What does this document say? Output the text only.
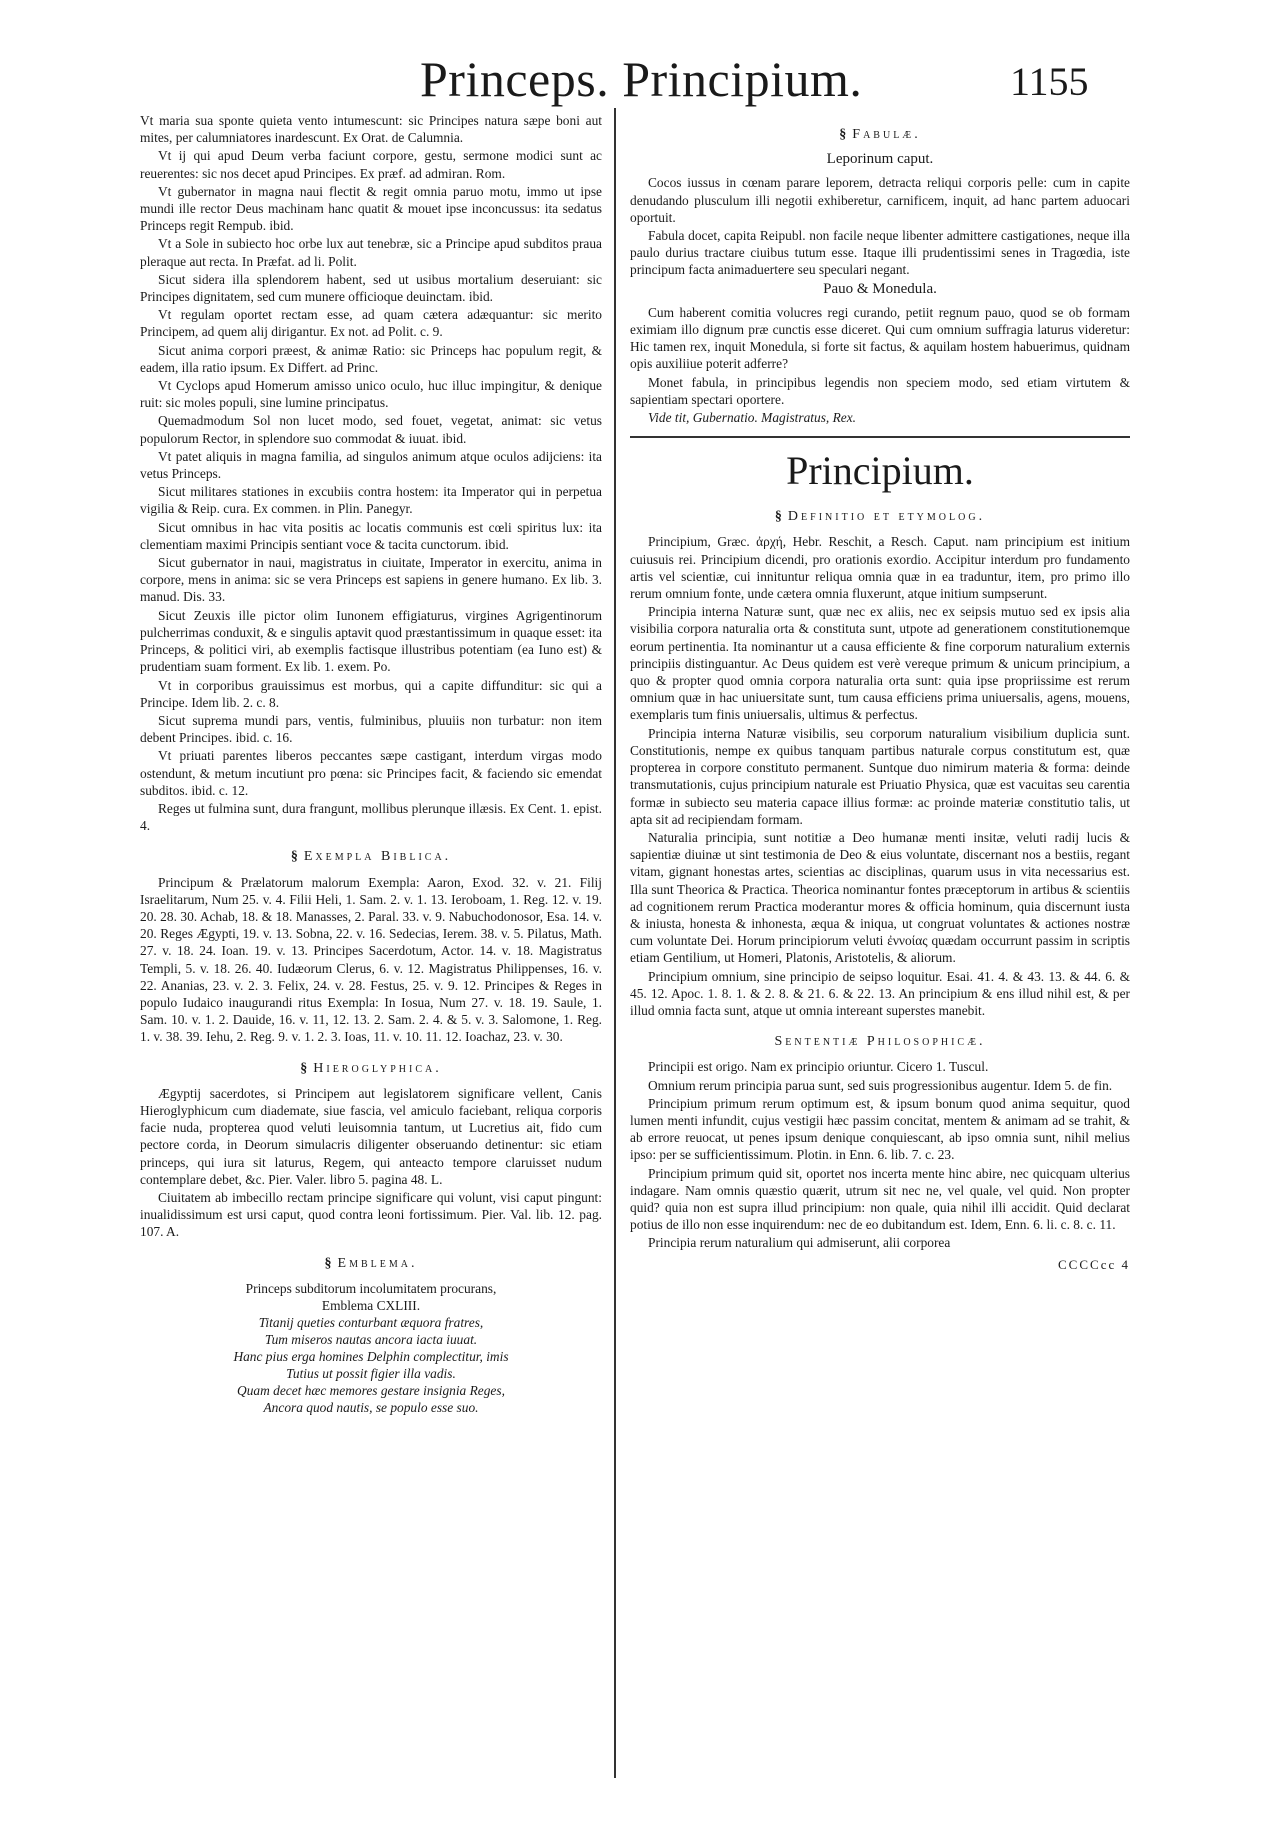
Princeps. Principium.	1155

Vt maria sua sponte quieta vento intumescunt: sic Principes natura sæpe boni aut mites, per calumniatores inardescunt. Ex Orat. de Calumnia.

Vt ij qui apud Deum verba faciunt corpore, gestu, sermone modici sunt ac reuerentes: sic nos decet apud Principes. Ex præf. ad admiran. Rom.

Vt gubernator in magna naui flectit & regit omnia paruo motu, immo ut ipse mundi ille rector Deus machinam hanc quatit & mouet ipse inconcussus: ita sedatus Princeps regit Rempub. ibid.

Vt a Sole in subiecto hoc orbe lux aut tenebræ, sic a Principe apud subditos praua pleraque aut recta. In Præfat. ad li. Polit.

Sicut sidera illa splendorem habent, sed ut usibus mortalium deseruiant: sic Principes dignitatem, sed cum munere officioque deuinctam. ibid.

Vt regulam oportet rectam esse, ad quam cætera adæquantur: sic merito Principem, ad quem alij dirigantur. Ex not. ad Polit. c. 9.

Sicut anima corpori præest, & animæ Ratio: sic Princeps hac populum regit, & eadem, illa ratio ipsum. Ex Differt. ad Princ.

Vt Cyclops apud Homerum amisso unico oculo, huc illuc impingitur, & denique ruit: sic moles populi, sine lumine principatus.

Quemadmodum Sol non lucet modo, sed fouet, vegetat, animat: sic vetus populorum Rector, in splendore suo commodat & iuuat. ibid.

Vt patet aliquis in magna familia, ad singulos animum atque oculos adijciens: ita vetus Princeps.

Sicut militares stationes in excubiis contra hostem: ita Imperator qui in perpetua vigilia & Reip. cura. Ex commen. in Plin. Panegyr.

Sicut omnibus in hac vita positis ac locatis communis est cœli spiritus lux: ita clementiam maximi Principis sentiant voce & tacita cunctorum. ibid.

Sicut gubernator in naui, magistratus in ciuitate, Imperator in exercitu, anima in corpore, mens in anima: sic se vera Princeps est sapiens in genere humano. Ex lib. 3. manud. Dis. 33.

Sicut Zeuxis ille pictor olim Iunonem effigiaturus, virgines Agrigentinorum pulcherrimas conduxit, & e singulis aptavit quod præstantissimum in quaque esset: ita Princeps, & politici viri, ab exemplis factisque illustribus potentiam (ea Iuno est) & prudentiam suam forment. Ex lib. 1. exem. Po.

Vt in corporibus grauissimus est morbus, qui a capite diffunditur: sic qui a Principe. Idem lib. 2. c. 8.

Sicut suprema mundi pars, ventis, fulminibus, pluuiis non turbatur: non item debent Principes. ibid. c. 16.

Vt priuati parentes liberos peccantes sæpe castigant, interdum virgas modo ostendunt, & metum incutiunt pro pœna: sic Principes facit, & faciendo sic emendat subditos. ibid. c. 12.

Reges ut fulmina sunt, dura frangunt, mollibus plerunque illæsis. Ex Cent. 1. epist. 4.

§ Exempla Biblica.

Principum & Prælatorum malorum Exempla: Aaron, Exod. 32. v. 21. Filij Israelitarum, Num 25. v. 4. Filii Heli, 1. Sam. 2. v. 1. 13. Ieroboam, 1. Reg. 12. v. 19. 20. 28. 30. Achab, 18. & 18. Manasses, 2. Paral. 33. v. 9. Nabuchodonosor, Esa. 14. v. 20. Reges Ægypti, 19. v. 13. Sobna, 22. v. 16. Sedecias, Ierem. 38. v. 5. Pilatus, Math. 27. v. 18. 24. Ioan. 19. v. 13. Principes Sacerdotum, Actor. 14. v. 18. Magistratus Templi, 5. v. 18. 26. 40. Iudæorum Clerus, 6. v. 12. Magistratus Philippenses, 16. v. 22. Ananias, 23. v. 2. 3. Felix, 24. v. 28. Festus, 25. v. 9. 12. Principes & Reges in populo Iudaico inaugurandi ritus Exempla: In Iosua, Num 27. v. 18. 19. Saule, 1. Sam. 10. v. 1. 2. Dauide, 16. v. 11, 12. 13. 2. Sam. 2. 4. & 5. v. 3. Salomone, 1. Reg. 1. v. 38. 39. Iehu, 2. Reg. 9. v. 1. 2. 3. Ioas, 11. v. 10. 11. 12. Ioachaz, 23. v. 30.

§ Hieroglyphica.

Ægyptij sacerdotes, si Principem aut legislatorem significare vellent, Canis Hieroglyphicum cum diademate, siue fascia, vel amiculo faciebant, reliqua corporis facie nuda, propterea quod veluti leuisomnia tantum, ut Lucretius ait, fido cum pectore corda, in Deorum simulacris diligenter obseruando detinentur: sic etiam princeps, qui iura sit laturus, Regem, qui anteacto tempore claruisset nudum contemplare debet, &c. Pier. Valer. libro 5. pagina 48. L.

Ciuitatem ab imbecillo rectam principe significare qui volunt, visi caput pingunt: inualidissimum est ursi caput, quod contra leoni fortissimum. Pier. Val. lib. 12. pag. 107. A.

§ Emblema.
Princeps subditorum incolumitatem procurans,
Emblema CXLIII.
Titanij queties conturbant æquora fratres,
Tum miseros nautas ancora iacta iuuat.
Hanc pius erga homines Delphin complectitur, imis
Tutius ut possit figier illa vadis.
Quam decet hæc memores gestare insignia Reges,
Ancora quod nautis, se populo esse suo.
§ Fabulæ.
Leporinum caput.

Cocos iussus in cœnam parare leporem, detracta reliqui corporis pelle: cum in capite denudando plusculum illi negotii exhiberetur, carnificem, inquit, ad hanc partem aduocari oportuit.

Fabula docet, capita Reipubl. non facile neque libenter admittere castigationes, neque illa paulo durius tractare ciuibus tutum esse. Itaque illi prudentissimi senes in Tragœdia, iste principum facta animaduertere seu speculari negant.

Pauo & Monedula.

Cum haberent comitia volucres regi curando, petiit regnum pauo, quod se ob formam eximiam illo dignum præ cunctis esse diceret. Qui cum omnium suffragia laturus videretur: Hic tamen rex, inquit Monedula, si forte sit factus, & aquilam hostem habuerimus, quidnam opis auxiliiue poterit adferre?

Monet fabula, in principibus legendis non speciem modo, sed etiam virtutem & sapientiam spectari oportere.

Vide tit, Gubernatio. Magistratus, Rex.

Principium.
§ Definitio et etymolog.

Principium, Græc. ἀρχή, Hebr. Reschit, a Resch. Caput. nam principium est initium cuiusuis rei. Principium dicendi, pro orationis exordio. Accipitur interdum pro fundamento artis vel scientiæ, cui innituntur reliqua omnia quæ in ea traduntur, item, pro primo illo rerum omnium fonte, unde cætera omnia fluxerunt, atque initium sumpserunt.

Principia interna Naturæ sunt, quæ nec ex aliis, nec ex seipsis mutuo sed ex ipsis alia visibilia corpora naturalia orta & constituta sunt, utpote ad generationem constitutionemque eorum pertinentia. Ita nominantur ut a causa efficiente & fine corporum naturalium externis principiis distinguantur. Ac Deus quidem est verè vereque primum & unicum principium, a quo & propter quod omnia corpora naturalia orta sunt: quia ipse propriissime est rerum omnium quæ in hac uniuersitate sunt, tum causa efficiens prima uniuersalis, agens, mouens, exemplaris tum finis uniuersalis, ultimus & perfectus.

Principia interna Naturæ visibilis, seu corporum naturalium visibilium duplicia sunt. Constitutionis, nempe ex quibus tanquam partibus naturale corpus constitutum est, quæ propterea in corpore constituto permanent. Suntque duo nimirum materia & forma: deinde transmutationis, cujus principium naturale est Priuatio Physica, quæ est vacuitas seu carentia formæ in subiecto seu materia capace illius formæ: ac proinde materiæ constitutio talis, ut apta sit ad recipiendam formam.

Naturalia principia, sunt notitiæ a Deo humanæ menti insitæ, veluti radij lucis & sapientiæ diuinæ ut sint testimonia de Deo & eius voluntate, discernant nos a bestiis, regant vitam, gignant honestas artes, scientias ac disciplinas, quarum usus in vita necessarius est. Illa sunt Theorica & Practica. Theorica nominantur fontes præceptorum in artibus & scientiis ad cognitionem rerum Practica moderantur mores & officia hominum, quia discernunt iusta & iniusta, honesta & inhonesta, æqua & iniqua, ut congruat voluntates & actiones nostræ cum voluntate Dei. Horum principiorum veluti ἐννοίας quædam occurrunt passim in scriptis etiam Gentilium, ut Homeri, Platonis, Aristotelis, & aliorum.

Principium omnium, sine principio de seipso loquitur. Esai. 41. 4. & 43. 13. & 44. 6. & 45. 12. Apoc. 1. 8. 1. & 2. 8. & 21. 6. & 22. 13. An principium & ens illud nihil est, & per illud omnia facta sunt, atque ut omnia intereant superstes manebit.

Sententiæ Philosophicæ.

Principii est origo. Nam ex principio oriuntur. Cicero 1. Tuscul.

Omnium rerum principia parua sunt, sed suis progressionibus augentur. Idem 5. de fin.

Principium primum rerum optimum est, & ipsum bonum quod anima sequitur, quod lumen menti infundit, cujus vestigii hæc passim concitat, mentem & animam ad se trahit, & ab errore reuocat, ut penes ipsum denique conquiescant, ab ipso omnia sunt, nihil melius ipso: per se sufficientissimum. Plotin. in Enn. 6. lib. 7. c. 23.

Principium primum quid sit, oportet nos incerta mente hinc abire, nec quicquam ulterius indagare. Nam omnis quæstio quærit, utrum sit nec ne, vel quale, vel quid. Non propter quid? quia non est supra illud principium: non quale, quia nihil illi accidit. Quid declarat potius de illo non esse inquirendum: nec de eo dubitandum est. Idem, Enn. 6. li. c. 8. c. 11.

Principia rerum naturalium qui admiserunt, alii corporea

CCCCcc 4
